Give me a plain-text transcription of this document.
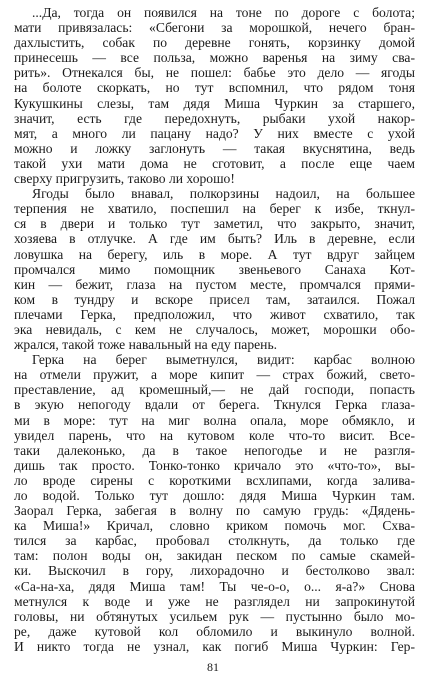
...Да, тогда он появился на тоне по дороге с болота;
мати привязалась: «Сбегони за морошкой, нечего бран-
дахлыстить, собак по деревне гонять, корзинку домой
принесешь — все польза, можно варенья на зиму сва-
рить». Отнекался бы, не пошел: бабье это дело — ягоды
на болоте скоркать, но тут вспомнил, что рядом тоня
Кукушкины слезы, там дядя Миша Чуркин за старшего,
значит, есть где передохнуть, рыбаки ухой накор-
мят, а много ли пацану надо? У них вместе с ухой
можно и ложку заглонуть — такая вкуснятина, ведь
такой ухи мати дома не сготовит, а после еще чаем
сверху пригрузить, таково ли хорошо!
Ягоды было внавал, полкорзины надоил, на большее
терпения не хватило, поспешил на берег к избе, ткнул-
ся в двери и только тут заметил, что закрыто, значит,
хозяева в отлучке. А где им быть? Иль в деревне, если
ловушка на берегу, иль в море. А тут вдруг зайцем
промчался мимо помощник звеньевого Санаха Кот-
кин — бежит, глаза на пустом месте, промчался прями-
ком в тундру и вскоре присел там, затаился. Пожал
плечами Герка, предположил, что живот схватило, так
эка невидаль, с кем не случалось, может, морошки обо-
жрался, такой тоже навальный на еду парень.
Герка на берег выметнулся, видит: карбас волною
на отмели пружит, а море кипит — страх божий, свето-
преставление, ад кромешный,— не дай господи, попасть
в экую непогоду вдали от берега. Ткнулся Герка глаза-
ми в море: тут на миг волна опала, море обмякло, и
увидел парень, что на кутовом коле что-то висит. Все-
таки далеконько, да в такое непогодье и не разгля-
дишь так просто. Тонко-тонко кричало это «что-то», вы-
ло вроде сирены с короткими всхлипами, когда залива-
ло водой. Только тут дошло: дядя Миша Чуркин там.
Заорал Герка, забегая в волну по самую грудь: «Дядень-
ка Миша!» Кричал, словно криком помочь мог. Схва-
тился за карбас, пробовал столкнуть, да только где
там: полон воды он, закидан песком по самые скамей-
ки. Выскочил в гору, лихорадочно и бестолково звал:
«Са-на-ха, дядя Миша там! Ты че-о-о, о... я-а?» Снова
метнулся к воде и уже не разглядел ни запрокинутой
головы, ни обтянутых усильем рук — пустынно было мо-
ре, даже кутовой кол обломило и выкинуло волной.
И никто тогда не узнал, как погиб Миша Чуркин: Гер-
81
